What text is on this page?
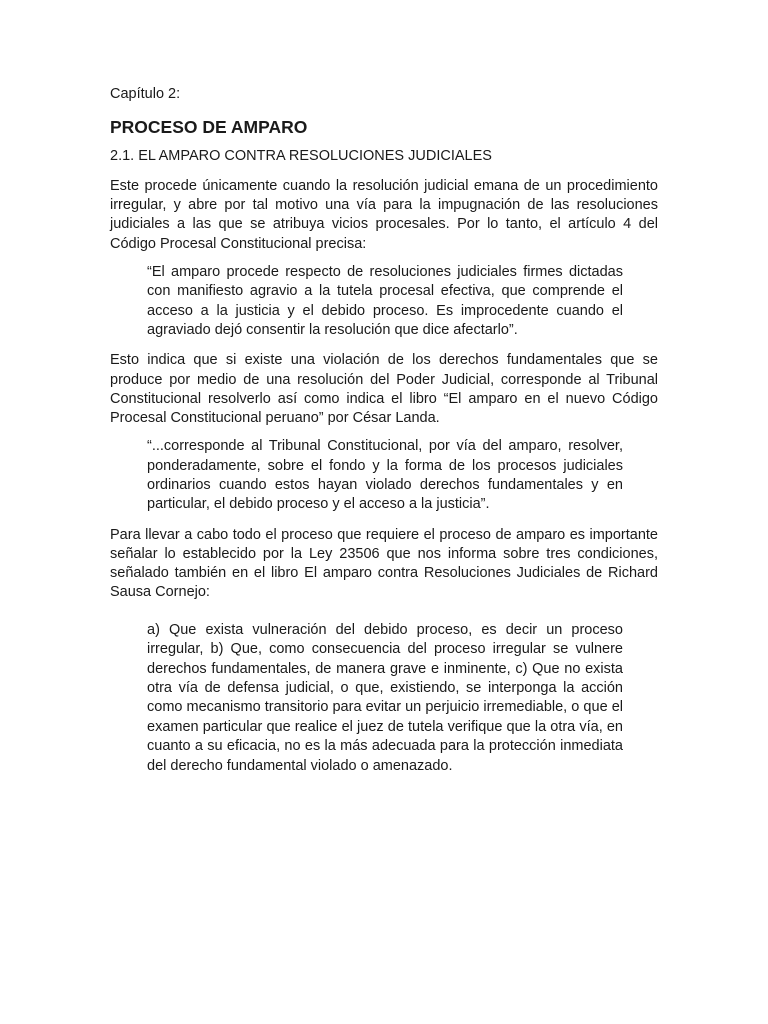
Capítulo 2:
PROCESO DE AMPARO
2.1. EL AMPARO CONTRA RESOLUCIONES JUDICIALES

Este procede únicamente cuando la resolución judicial emana de un procedimiento irregular, y abre por tal motivo una vía para la impugnación de las resoluciones judiciales a las que se atribuya vicios procesales. Por lo tanto, el artículo 4 del Código Procesal Constitucional precisa:

“El amparo procede respecto de resoluciones judiciales firmes dictadas con manifiesto agravio a la tutela procesal efectiva, que comprende el acceso a la justicia y el debido proceso. Es improcedente cuando el agraviado dejó consentir la resolución que dice afectarlo”.

Esto indica que si existe una violación de los derechos fundamentales que se produce por medio de una resolución del Poder Judicial, corresponde al Tribunal Constitucional resolverlo así como indica el libro “El amparo en el nuevo Código Procesal Constitucional peruano” por César Landa.

“...corresponde al Tribunal Constitucional, por vía del amparo, resolver, ponderadamente, sobre el fondo y la forma de los procesos judiciales ordinarios cuando estos hayan violado derechos fundamentales y en particular, el debido proceso y el acceso a la justicia”.

Para llevar a cabo todo el proceso que requiere el proceso de amparo es importante señalar lo establecido por la Ley 23506 que nos informa sobre tres condiciones, señalado también en el libro El amparo contra Resoluciones Judiciales de Richard Sausa Cornejo:

a) Que exista vulneración del debido proceso, es decir un proceso irregular, b) Que, como consecuencia del proceso irregular se vulnere derechos fundamentales, de manera grave e inminente, c) Que no exista otra vía de defensa judicial, o que, existiendo, se interponga la acción como mecanismo transitorio para evitar un perjuicio irremediable, o que el examen particular que realice el juez de tutela verifique que la otra vía, en cuanto a su eficacia, no es la más adecuada para la protección inmediata del derecho fundamental violado o amenazado.
